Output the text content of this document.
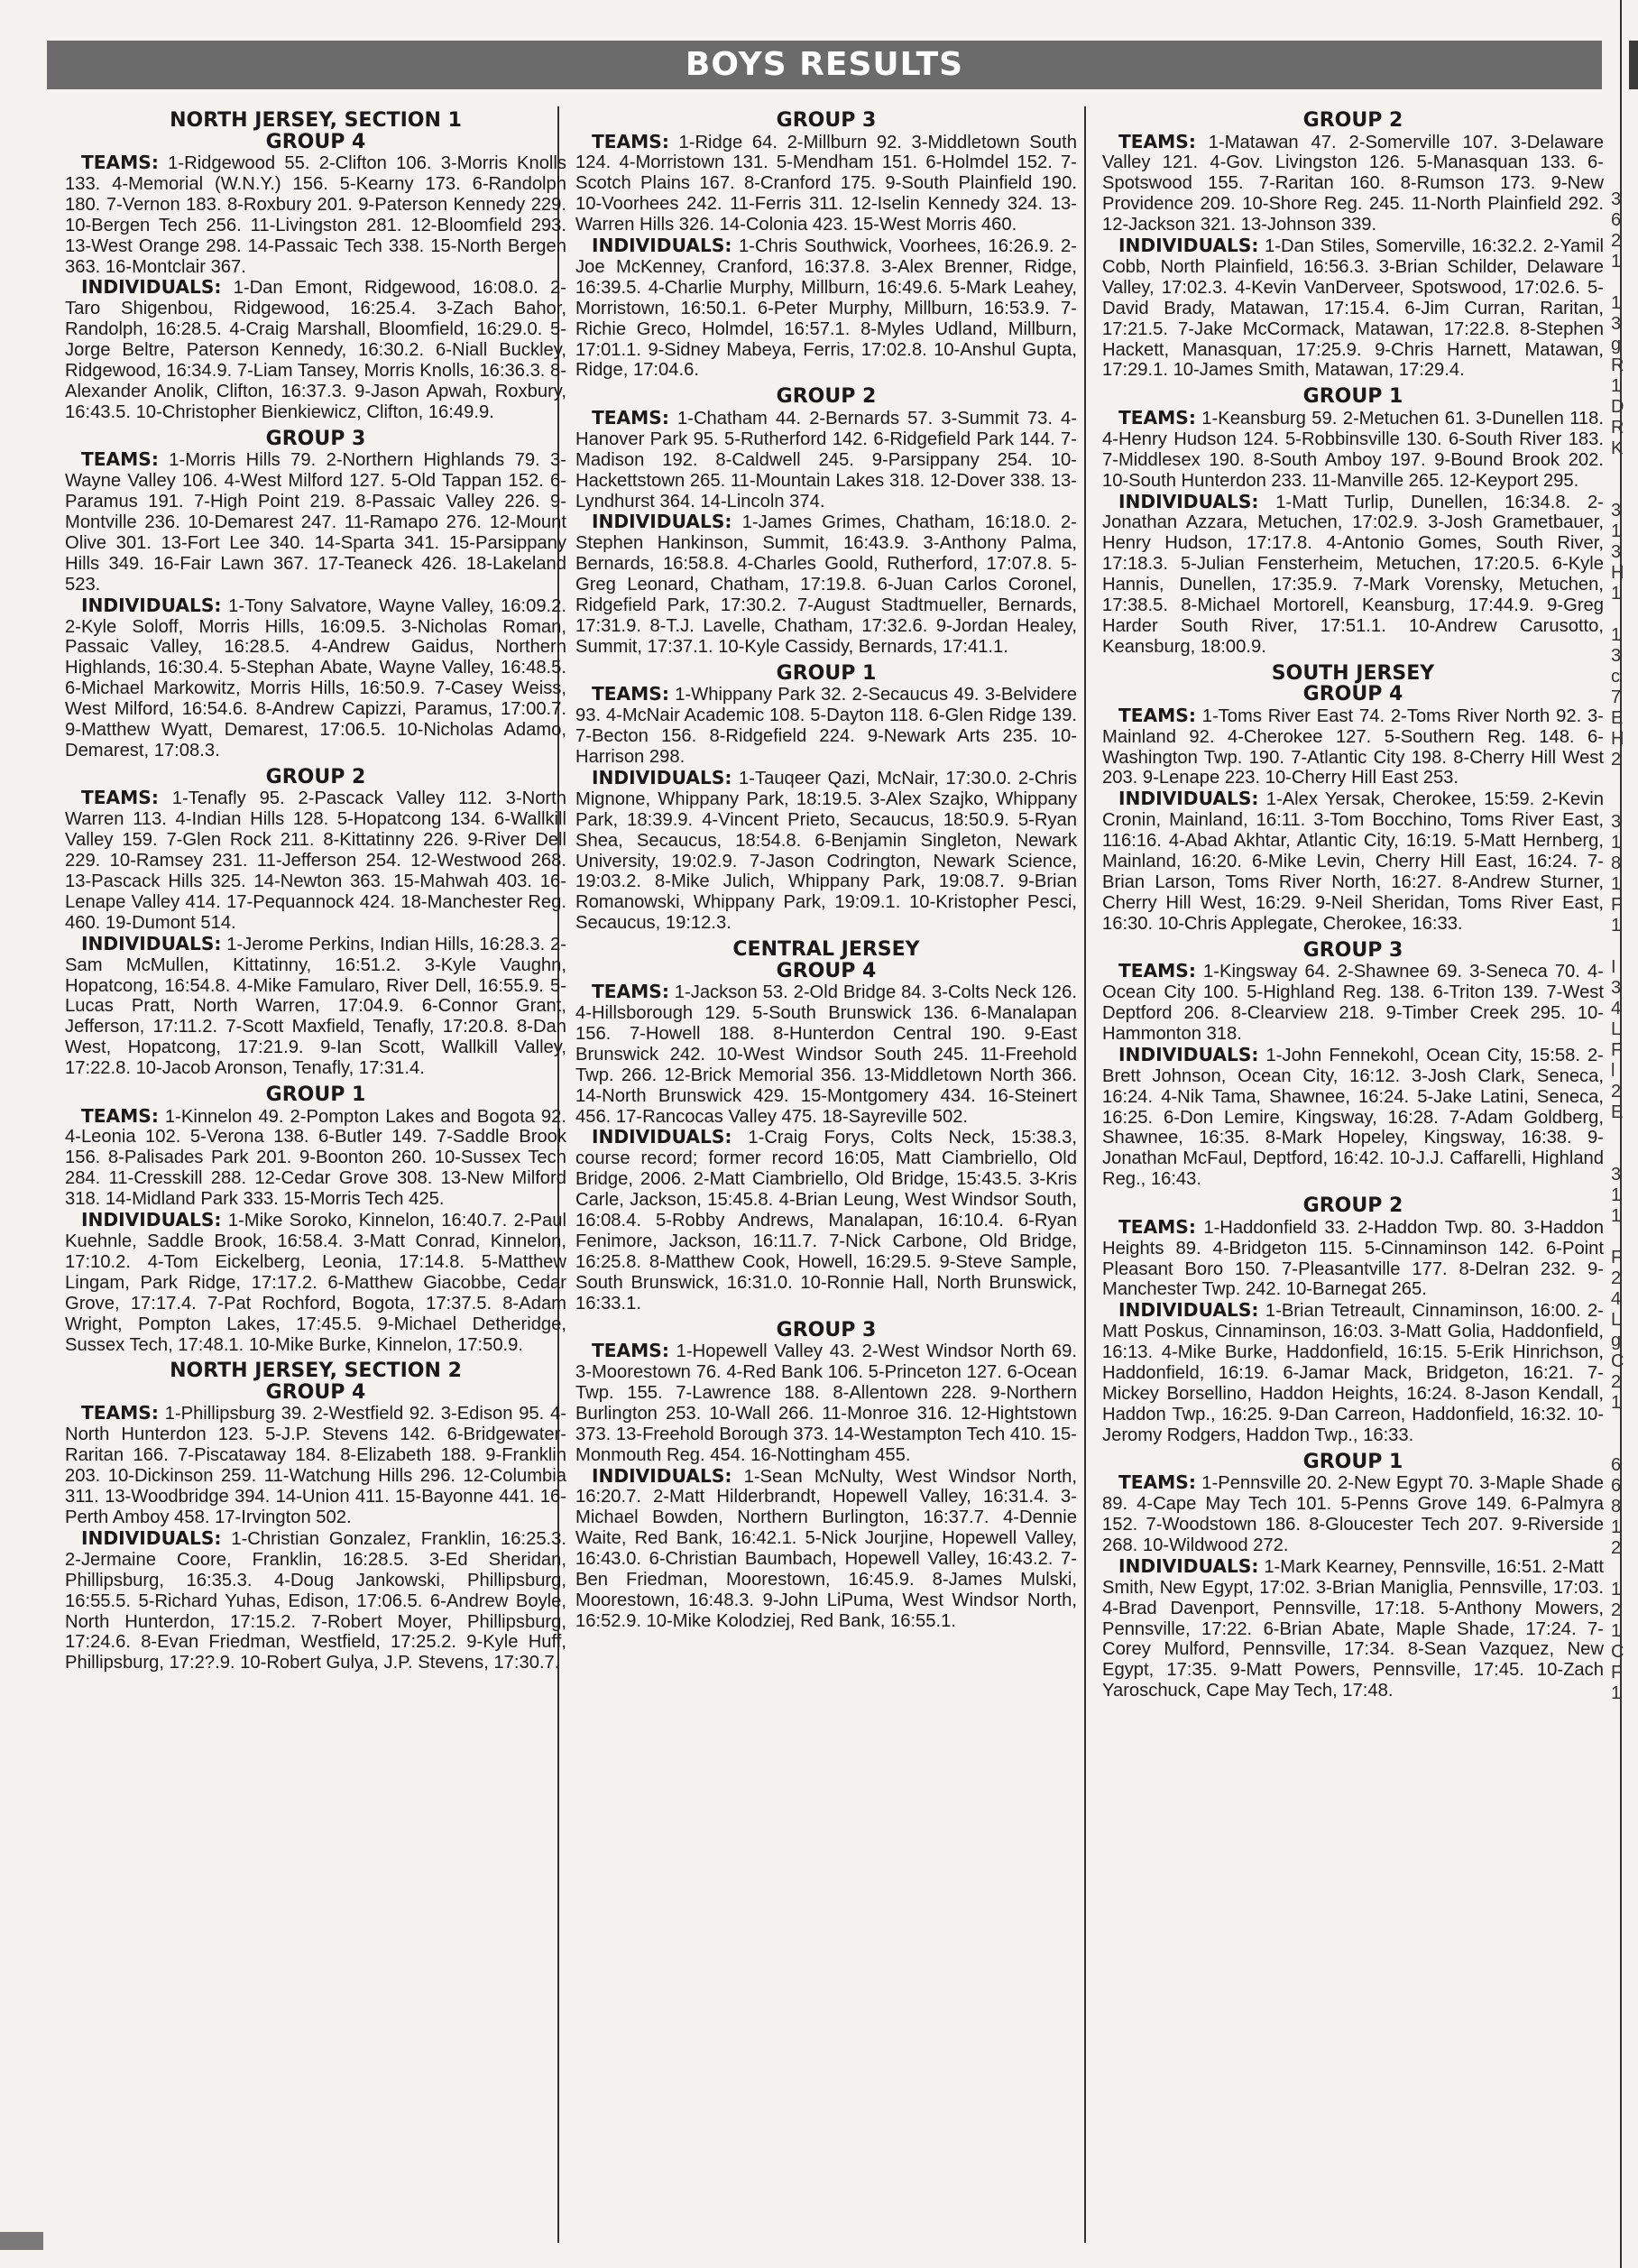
BOYS RESULTS
NORTH JERSEY, SECTION 1
GROUP 4

TEAMS: 1-Ridgewood 55. 2-Clifton 106. 3-Morris Knolls 133. 4-Memorial (W.N.Y.) 156. 5-Kearny 173. 6-Randolph 180. 7-Vernon 183. 8-Roxbury 201. 9-Paterson Kennedy 229. 10-Bergen Tech 256. 11-Livingston 281. 12-Bloomfield 293. 13-West Orange 298. 14-Passaic Tech 338. 15-North Bergen 363. 16-Montclair 367.

INDIVIDUALS: 1-Dan Emont, Ridgewood, 16:08.0. 2-Taro Shigenbou, Ridgewood, 16:25.4. 3-Zach Bahor, Randolph, 16:28.5. 4-Craig Marshall, Bloomfield, 16:29.0. 5-Jorge Beltre, Paterson Kennedy, 16:30.2. 6-Niall Buckley, Ridgewood, 16:34.9. 7-Liam Tansey, Morris Knolls, 16:36.3. 8-Alexander Anolik, Clifton, 16:37.3. 9-Jason Apwah, Roxbury, 16:43.5. 10-Christopher Bienkiewicz, Clifton, 16:49.9.

GROUP 3

TEAMS: 1-Morris Hills 79. 2-Northern Highlands 79. 3-Wayne Valley 106. 4-West Milford 127. 5-Old Tappan 152. 6-Paramus 191. 7-High Point 219. 8-Passaic Valley 226. 9-Montville 236. 10-Demarest 247. 11-Ramapo 276. 12-Mount Olive 301. 13-Fort Lee 340. 14-Sparta 341. 15-Parsippany Hills 349. 16-Fair Lawn 367. 17-Teaneck 426. 18-Lakeland 523.

INDIVIDUALS: 1-Tony Salvatore, Wayne Valley, 16:09.2. 2-Kyle Soloff, Morris Hills, 16:09.5. 3-Nicholas Roman, Passaic Valley, 16:28.5. 4-Andrew Gaidus, Northern Highlands, 16:30.4. 5-Stephan Abate, Wayne Valley, 16:48.5. 6-Michael Markowitz, Morris Hills, 16:50.9. 7-Casey Weiss, West Milford, 16:54.6. 8-Andrew Capizzi, Paramus, 17:00.7. 9-Matthew Wyatt, Demarest, 17:06.5. 10-Nicholas Adamo, Demarest, 17:08.3.

GROUP 2

TEAMS: 1-Tenafly 95. 2-Pascack Valley 112. 3-North Warren 113. 4-Indian Hills 128. 5-Hopatcong 134. 6-Wallkill Valley 159. 7-Glen Rock 211. 8-Kittatinny 226. 9-River Dell 229. 10-Ramsey 231. 11-Jefferson 254. 12-Westwood 268. 13-Pascack Hills 325. 14-Newton 363. 15-Mahwah 403. 16-Lenape Valley 414. 17-Pequannock 424. 18-Manchester Reg. 460. 19-Dumont 514.

INDIVIDUALS: 1-Jerome Perkins, Indian Hills, 16:28.3. 2-Sam McMullen, Kittatinny, 16:51.2. 3-Kyle Vaughn, Hopatcong, 16:54.8. 4-Mike Famularo, River Dell, 16:55.9. 5-Lucas Pratt, North Warren, 17:04.9. 6-Connor Grant, Jefferson, 17:11.2. 7-Scott Maxfield, Tenafly, 17:20.8. 8-Dan West, Hopatcong, 17:21.9. 9-Ian Scott, Wallkill Valley, 17:22.8. 10-Jacob Aronson, Tenafly, 17:31.4.

GROUP 1

TEAMS: 1-Kinnelon 49. 2-Pompton Lakes and Bogota 92. 4-Leonia 102. 5-Verona 138. 6-Butler 149. 7-Saddle Brook 156. 8-Palisades Park 201. 9-Boonton 260. 10-Sussex Tech 284. 11-Cresskill 288. 12-Cedar Grove 308. 13-New Milford 318. 14-Midland Park 333. 15-Morris Tech 425.

INDIVIDUALS: 1-Mike Soroko, Kinnelon, 16:40.7. 2-Paul Kuehnle, Saddle Brook, 16:58.4. 3-Matt Conrad, Kinnelon, 17:10.2. 4-Tom Eickelberg, Leonia, 17:14.8. 5-Matthew Lingam, Park Ridge, 17:17.2. 6-Matthew Giacobbe, Cedar Grove, 17:17.4. 7-Pat Rochford, Bogota, 17:37.5. 8-Adam Wright, Pompton Lakes, 17:45.5. 9-Michael Detheridge, Sussex Tech, 17:48.1. 10-Mike Burke, Kinnelon, 17:50.9.

NORTH JERSEY, SECTION 2
GROUP 4

TEAMS: 1-Phillipsburg 39. 2-Westfield 92. 3-Edison 95. 4-North Hunterdon 123. 5-J.P. Stevens 142. 6-Bridgewater-Raritan 166. 7-Piscataway 184. 8-Elizabeth 188. 9-Franklin 203. 10-Dickinson 259. 11-Watchung Hills 296. 12-Columbia 311. 13-Woodbridge 394. 14-Union 411. 15-Bayonne 441. 16-Perth Amboy 458. 17-Irvington 502.

INDIVIDUALS: 1-Christian Gonzalez, Franklin, 16:25.3. 2-Jermaine Coore, Franklin, 16:28.5. 3-Ed Sheridan, Phillipsburg, 16:35.3. 4-Doug Jankowski, Phillipsburg, 16:55.5. 5-Richard Yuhas, Edison, 17:06.5. 6-Andrew Boyle, North Hunterdon, 17:15.2. 7-Robert Moyer, Phillipsburg, 17:24.6. 8-Evan Friedman, Westfield, 17:25.2. 9-Kyle Huff, Phillipsburg, 17:2?.9. 10-Robert Gulya, J.P. Stevens, 17:30.7.

GROUP 3

TEAMS: 1-Ridge 64. 2-Millburn 92. 3-Middletown South 124. 4-Morristown 131. 5-Mendham 151. 6-Holmdel 152. 7-Scotch Plains 167. 8-Cranford 175. 9-South Plainfield 190. 10-Voorhees 242. 11-Ferris 311. 12-Iselin Kennedy 324. 13-Warren Hills 326. 14-Colonia 423. 15-West Morris 460.

INDIVIDUALS: 1-Chris Southwick, Voorhees, 16:26.9. 2-Joe McKenney, Cranford, 16:37.8. 3-Alex Brenner, Ridge, 16:39.5. 4-Charlie Murphy, Millburn, 16:49.6. 5-Mark Leahey, Morristown, 16:50.1. 6-Peter Murphy, Millburn, 16:53.9. 7-Richie Greco, Holmdel, 16:57.1. 8-Myles Udland, Millburn, 17:01.1. 9-Sidney Mabeya, Ferris, 17:02.8. 10-Anshul Gupta, Ridge, 17:04.6.

GROUP 2

TEAMS: 1-Chatham 44. 2-Bernards 57. 3-Summit 73. 4-Hanover Park 95. 5-Rutherford 142. 6-Ridgefield Park 144. 7-Madison 192. 8-Caldwell 245. 9-Parsippany 254. 10-Hackettstown 265. 11-Mountain Lakes 318. 12-Dover 338. 13-Lyndhurst 364. 14-Lincoln 374.

INDIVIDUALS: 1-James Grimes, Chatham, 16:18.0. 2-Stephen Hankinson, Summit, 16:43.9. 3-Anthony Palma, Bernards, 16:58.8. 4-Charles Goold, Rutherford, 17:07.8. 5-Greg Leonard, Chatham, 17:19.8. 6-Juan Carlos Coronel, Ridgefield Park, 17:30.2. 7-August Stadtmueller, Bernards, 17:31.9. 8-T.J. Lavelle, Chatham, 17:32.6. 9-Jordan Healey, Summit, 17:37.1. 10-Kyle Cassidy, Bernards, 17:41.1.

GROUP 1

TEAMS: 1-Whippany Park 32. 2-Secaucus 49. 3-Belvidere 93. 4-McNair Academic 108. 5-Dayton 118. 6-Glen Ridge 139. 7-Becton 156. 8-Ridgefield 224. 9-Newark Arts 235. 10-Harrison 298.

INDIVIDUALS: 1-Tauqeer Qazi, McNair, 17:30.0. 2-Chris Mignone, Whippany Park, 18:19.5. 3-Alex Szajko, Whippany Park, 18:39.9. 4-Vincent Prieto, Secaucus, 18:50.9. 5-Ryan Shea, Secaucus, 18:54.8. 6-Benjamin Singleton, Newark University, 19:02.9. 7-Jason Codrington, Newark Science, 19:03.2. 8-Mike Julich, Whippany Park, 19:08.7. 9-Brian Romanowski, Whippany Park, 19:09.1. 10-Kristopher Pesci, Secaucus, 19:12.3.

CENTRAL JERSEY
GROUP 4

TEAMS: 1-Jackson 53. 2-Old Bridge 84. 3-Colts Neck 126. 4-Hillsborough 129. 5-South Brunswick 136. 6-Manalapan 156. 7-Howell 188. 8-Hunterdon Central 190. 9-East Brunswick 242. 10-West Windsor South 245. 11-Freehold Twp. 266. 12-Brick Memorial 356. 13-Middletown North 366. 14-North Brunswick 429. 15-Montgomery 434. 16-Steinert 456. 17-Rancocas Valley 475. 18-Sayreville 502.

INDIVIDUALS: 1-Craig Forys, Colts Neck, 15:38.3, course record; former record 16:05, Matt Ciambriello, Old Bridge, 2006. 2-Matt Ciambriello, Old Bridge, 15:43.5. 3-Kris Carle, Jackson, 15:45.8. 4-Brian Leung, West Windsor South, 16:08.4. 5-Robby Andrews, Manalapan, 16:10.4. 6-Ryan Fenimore, Jackson, 16:11.7. 7-Nick Carbone, Old Bridge, 16:25.8. 8-Matthew Cook, Howell, 16:29.5. 9-Steve Sample, South Brunswick, 16:31.0. 10-Ronnie Hall, North Brunswick, 16:33.1.

GROUP 3

TEAMS: 1-Hopewell Valley 43. 2-West Windsor North 69. 3-Moorestown 76. 4-Red Bank 106. 5-Princeton 127. 6-Ocean Twp. 155. 7-Lawrence 188. 8-Allentown 228. 9-Northern Burlington 253. 10-Wall 266. 11-Monroe 316. 12-Hightstown 373. 13-Freehold Borough 373. 14-Westampton Tech 410. 15-Monmouth Reg. 454. 16-Nottingham 455.

INDIVIDUALS: 1-Sean McNulty, West Windsor North, 16:20.7. 2-Matt Hilderbrandt, Hopewell Valley, 16:31.4. 3-Michael Bowden, Northern Burlington, 16:37.7. 4-Dennie Waite, Red Bank, 16:42.1. 5-Nick Jourjine, Hopewell Valley, 16:43.0. 6-Christian Baumbach, Hopewell Valley, 16:43.2. 7-Ben Friedman, Moorestown, 16:45.9. 8-James Mulski, Moorestown, 16:48.3. 9-John LiPuma, West Windsor North, 16:52.9. 10-Mike Kolodziej, Red Bank, 16:55.1.

GROUP 2

TEAMS: 1-Matawan 47. 2-Somerville 107. 3-Delaware Valley 121. 4-Gov. Livingston 126. 5-Manasquan 133. 6-Spotswood 155. 7-Raritan 160. 8-Rumson 173. 9-New Providence 209. 10-Shore Reg. 245. 11-North Plainfield 292. 12-Jackson 321. 13-Johnson 339.

INDIVIDUALS: 1-Dan Stiles, Somerville, 16:32.2. 2-Yamil Cobb, North Plainfield, 16:56.3. 3-Brian Schilder, Delaware Valley, 17:02.3. 4-Kevin VanDerveer, Spotswood, 17:02.6. 5-David Brady, Matawan, 17:15.4. 6-Jim Curran, Raritan, 17:21.5. 7-Jake McCormack, Matawan, 17:22.8. 8-Stephen Hackett, Manasquan, 17:25.9. 9-Chris Harnett, Matawan, 17:29.1. 10-James Smith, Matawan, 17:29.4.

GROUP 1

TEAMS: 1-Keansburg 59. 2-Metuchen 61. 3-Dunellen 118. 4-Henry Hudson 124. 5-Robbinsville 130. 6-South River 183. 7-Middlesex 190. 8-South Amboy 197. 9-Bound Brook 202. 10-South Hunterdon 233. 11-Manville 265. 12-Keyport 295.

INDIVIDUALS: 1-Matt Turlip, Dunellen, 16:34.8. 2-Jonathan Azzara, Metuchen, 17:02.9. 3-Josh Grametbauer, Henry Hudson, 17:17.8. 4-Antonio Gomes, South River, 17:18.3. 5-Julian Fensterheim, Metuchen, 17:20.5. 6-Kyle Hannis, Dunellen, 17:35.9. 7-Mark Vorensky, Metuchen, 17:38.5. 8-Michael Mortorell, Keansburg, 17:44.9. 9-Greg Harder South River, 17:51.1. 10-Andrew Carusotto, Keansburg, 18:00.9.

SOUTH JERSEY
GROUP 4

TEAMS: 1-Toms River East 74. 2-Toms River North 92. 3-Mainland 92. 4-Cherokee 127. 5-Southern Reg. 148. 6-Washington Twp. 190. 7-Atlantic City 198. 8-Cherry Hill West 203. 9-Lenape 223. 10-Cherry Hill East 253.

INDIVIDUALS: 1-Alex Yersak, Cherokee, 15:59. 2-Kevin Cronin, Mainland, 16:11. 3-Tom Bocchino, Toms River East, 116:16. 4-Abad Akhtar, Atlantic City, 16:19. 5-Matt Hernberg, Mainland, 16:20. 6-Mike Levin, Cherry Hill East, 16:24. 7-Brian Larson, Toms River North, 16:27. 8-Andrew Sturner, Cherry Hill West, 16:29. 9-Neil Sheridan, Toms River East, 16:30. 10-Chris Applegate, Cherokee, 16:33.

GROUP 3

TEAMS: 1-Kingsway 64. 2-Shawnee 69. 3-Seneca 70. 4-Ocean City 100. 5-Highland Reg. 138. 6-Triton 139. 7-West Deptford 206. 8-Clearview 218. 9-Timber Creek 295. 10-Hammonton 318.

INDIVIDUALS: 1-John Fennekohl, Ocean City, 15:58. 2-Brett Johnson, Ocean City, 16:12. 3-Josh Clark, Seneca, 16:24. 4-Nik Tama, Shawnee, 16:24. 5-Jake Latini, Seneca, 16:25. 6-Don Lemire, Kingsway, 16:28. 7-Adam Goldberg, Shawnee, 16:35. 8-Mark Hopeley, Kingsway, 16:38. 9-Jonathan McFaul, Deptford, 16:42. 10-J.J. Caffarelli, Highland Reg., 16:43.

GROUP 2

TEAMS: 1-Haddonfield 33. 2-Haddon Twp. 80. 3-Haddon Heights 89. 4-Bridgeton 115. 5-Cinnaminson 142. 6-Point Pleasant Boro 150. 7-Pleasantville 177. 8-Delran 232. 9-Manchester Twp. 242. 10-Barnegat 265.

INDIVIDUALS: 1-Brian Tetreault, Cinnaminson, 16:00. 2-Matt Poskus, Cinnaminson, 16:03. 3-Matt Golia, Haddonfield, 16:13. 4-Mike Burke, Haddonfield, 16:15. 5-Erik Hinrichson, Haddonfield, 16:19. 6-Jamar Mack, Bridgeton, 16:21. 7-Mickey Borsellino, Haddon Heights, 16:24. 8-Jason Kendall, Haddon Twp., 16:25. 9-Dan Carreon, Haddonfield, 16:32. 10-Jeromy Rodgers, Haddon Twp., 16:33.

GROUP 1

TEAMS: 1-Pennsville 20. 2-New Egypt 70. 3-Maple Shade 89. 4-Cape May Tech 101. 5-Penns Grove 149. 6-Palmyra 152. 7-Woodstown 186. 8-Gloucester Tech 207. 9-Riverside 268. 10-Wildwood 272.

INDIVIDUALS: 1-Mark Kearney, Pennsville, 16:51. 2-Matt Smith, New Egypt, 17:02. 3-Brian Maniglia, Pennsville, 17:03. 4-Brad Davenport, Pennsville, 17:18. 5-Anthony Mowers, Pennsville, 17:22. 6-Brian Abate, Maple Shade, 17:24. 7-Corey Mulford, Pennsville, 17:34. 8-Sean Vazquez, New Egypt, 17:35. 9-Matt Powers, Pennsville, 17:45. 10-Zach Yaroschuck, Cape May Tech, 17:48.

3
6
2
1

1
3
g
R
1
D
R
K

3
1
3
H
1

1
3
c
7
E
H
2

3
1
8
1
F
1

I
3
4
L
F
l
2
E

3
1
1

F
2
4
L
g
C
2
1

6
6
8
1
2

1
2
1
C
F
1
